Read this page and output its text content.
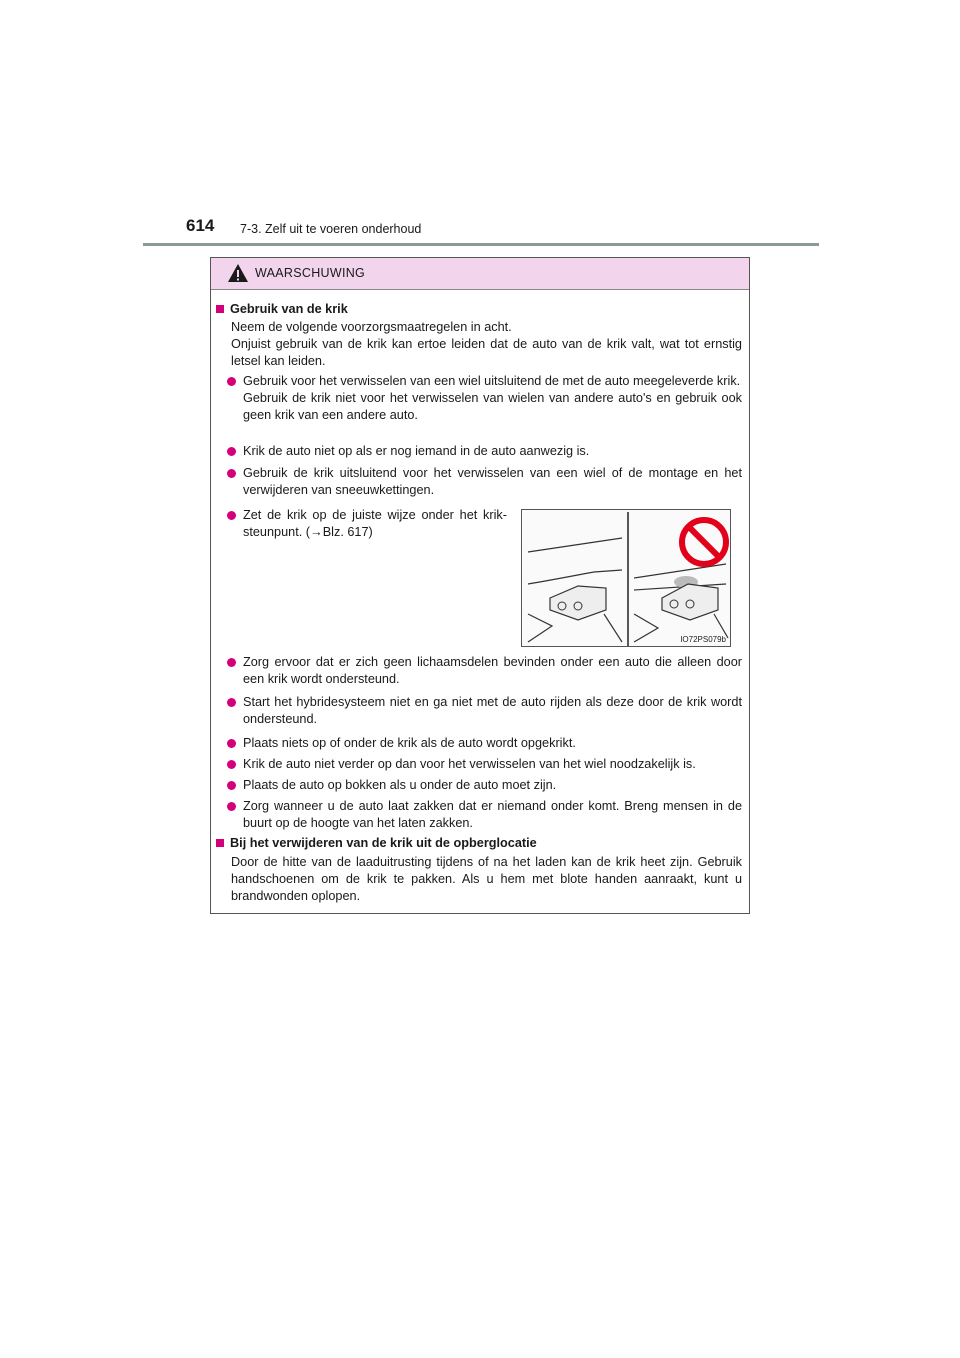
614 7-3. Zelf uit te voeren onderhoud
WAARSCHUWING
Gebruik van de krik
Neem de volgende voorzorgsmaatregelen in acht.
Onjuist gebruik van de krik kan ertoe leiden dat de auto van de krik valt, wat tot ernstig letsel kan leiden.
Gebruik voor het verwisselen van een wiel uitsluitend de met de auto meegeleverde krik.
Gebruik de krik niet voor het verwisselen van wielen van andere auto's en gebruik ook geen krik van een andere auto.
Krik de auto niet op als er nog iemand in de auto aanwezig is.
Gebruik de krik uitsluitend voor het verwisselen van een wiel of de montage en het verwijderen van sneeuwkettingen.
Zet de krik op de juiste wijze onder het krik-steunpunt. (→Blz. 617)
Zorg ervoor dat er zich geen lichaamsdelen bevinden onder een auto die alleen door een krik wordt ondersteund.
Start het hybridesysteem niet en ga niet met de auto rijden als deze door de krik wordt ondersteund.
Plaats niets op of onder de krik als de auto wordt opgekrikt.
Krik de auto niet verder op dan voor het verwisselen van het wiel noodzakelijk is.
Plaats de auto op bokken als u onder de auto moet zijn.
Zorg wanneer u de auto laat zakken dat er niemand onder komt. Breng mensen in de buurt op de hoogte van het laten zakken.
Bij het verwijderen van de krik uit de opberglocatie
Door de hitte van de laaduitrusting tijdens of na het laden kan de krik heet zijn. Gebruik handschoenen om de krik te pakken. Als u hem met blote handen aanraakt, kunt u brandwonden oplopen.
IO72PS079b
